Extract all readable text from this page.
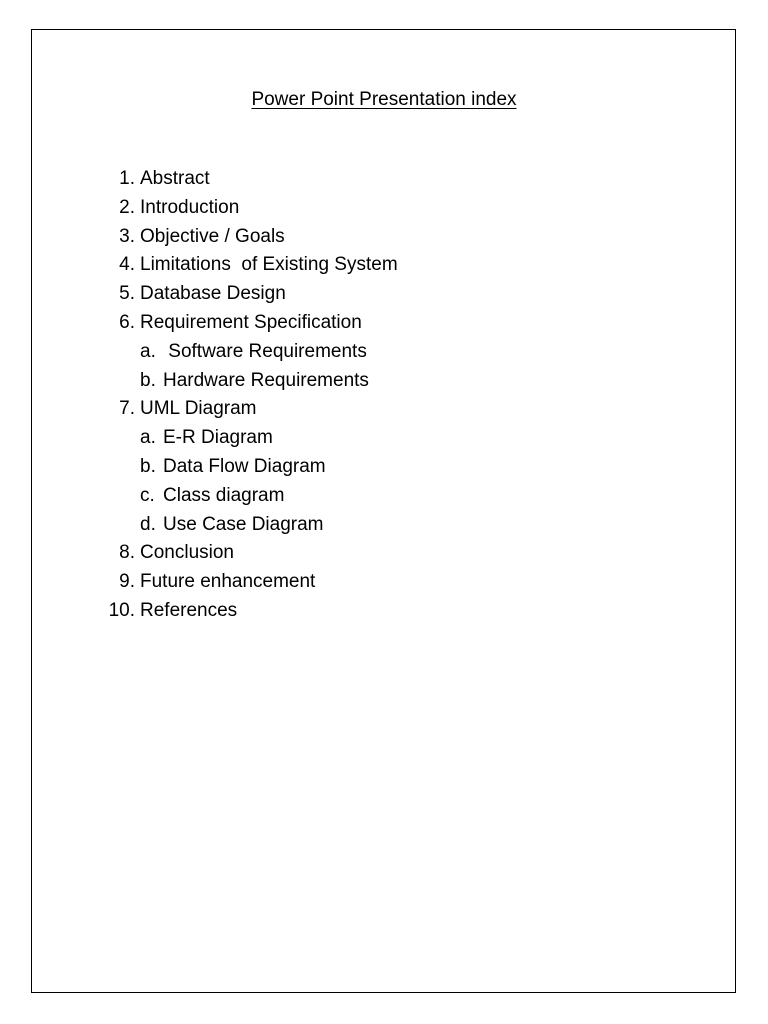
Power Point Presentation index
1. Abstract
2. Introduction
3. Objective / Goals
4. Limitations  of Existing System
5. Database Design
6. Requirement Specification
a. Software Requirements
b. Hardware Requirements
7. UML Diagram
a. E-R Diagram
b. Data Flow Diagram
c. Class diagram
d. Use Case Diagram
8. Conclusion
9. Future enhancement
10. References
